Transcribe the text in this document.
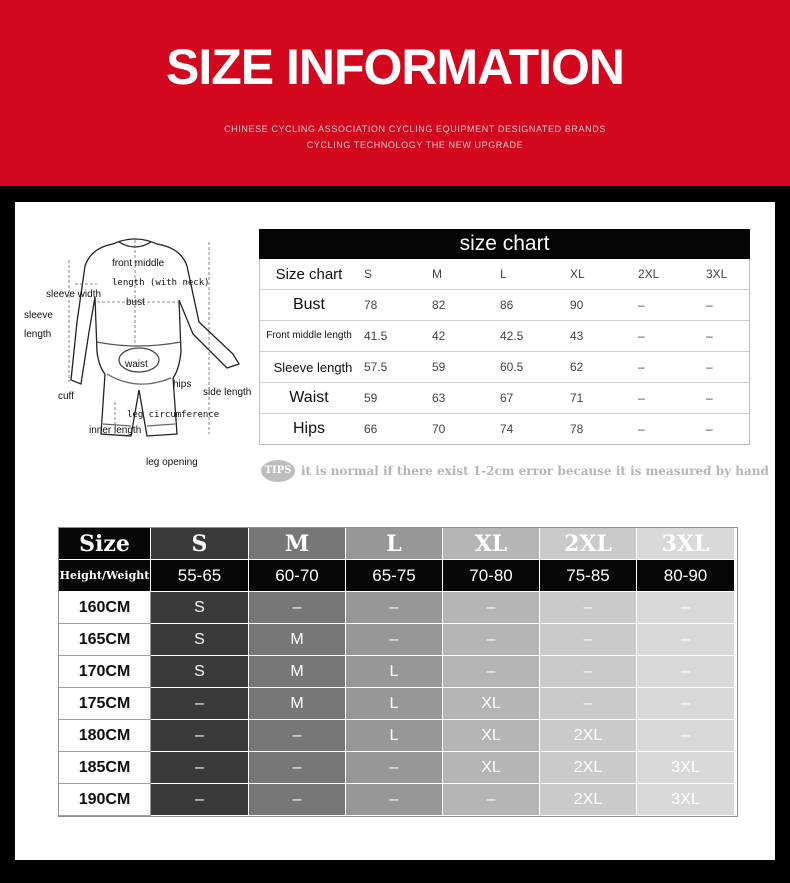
SIZE INFORMATION
CHINESE CYCLING ASSOCIATION CYCLING EQUIPMENT DESIGNATED BRANDS
CYCLING TECHNOLOGY THE NEW UPGRADE
front middle
length (with neck)
sleeve width
bust
sleeve
length
waist
hips
side length
cuff
leg circumference
inner length
leg opening
size chart
Size chart	S	M	L	XL	2XL	3XL
Bust	78	82	86	90	–	–
Front middle length	41.5	42	42.5	43	–	–
Sleeve length 57.5	59	60.5	62	–	–
Waist	59	63	67	71	–	–
Hips	66	70	74	78	–	–
TIPS it is normal if there exist 1-2cm error because it is measured by hand
Size	S	M	L	XL	2XL	3XL
Height/Weight	55-65	60-70	65-75	70-80	75-85	80-90
160CM	S	–	–	–	–	–
165CM	S	M	–	–	–	–
170CM	S	M	L	–	–	–
175CM	–	M	L	XL	–	–
180CM	–	–	L	XL	2XL	–
185CM	–	–	–	XL	2XL	3XL
190CM	–	–	–	–	2XL	3XL
